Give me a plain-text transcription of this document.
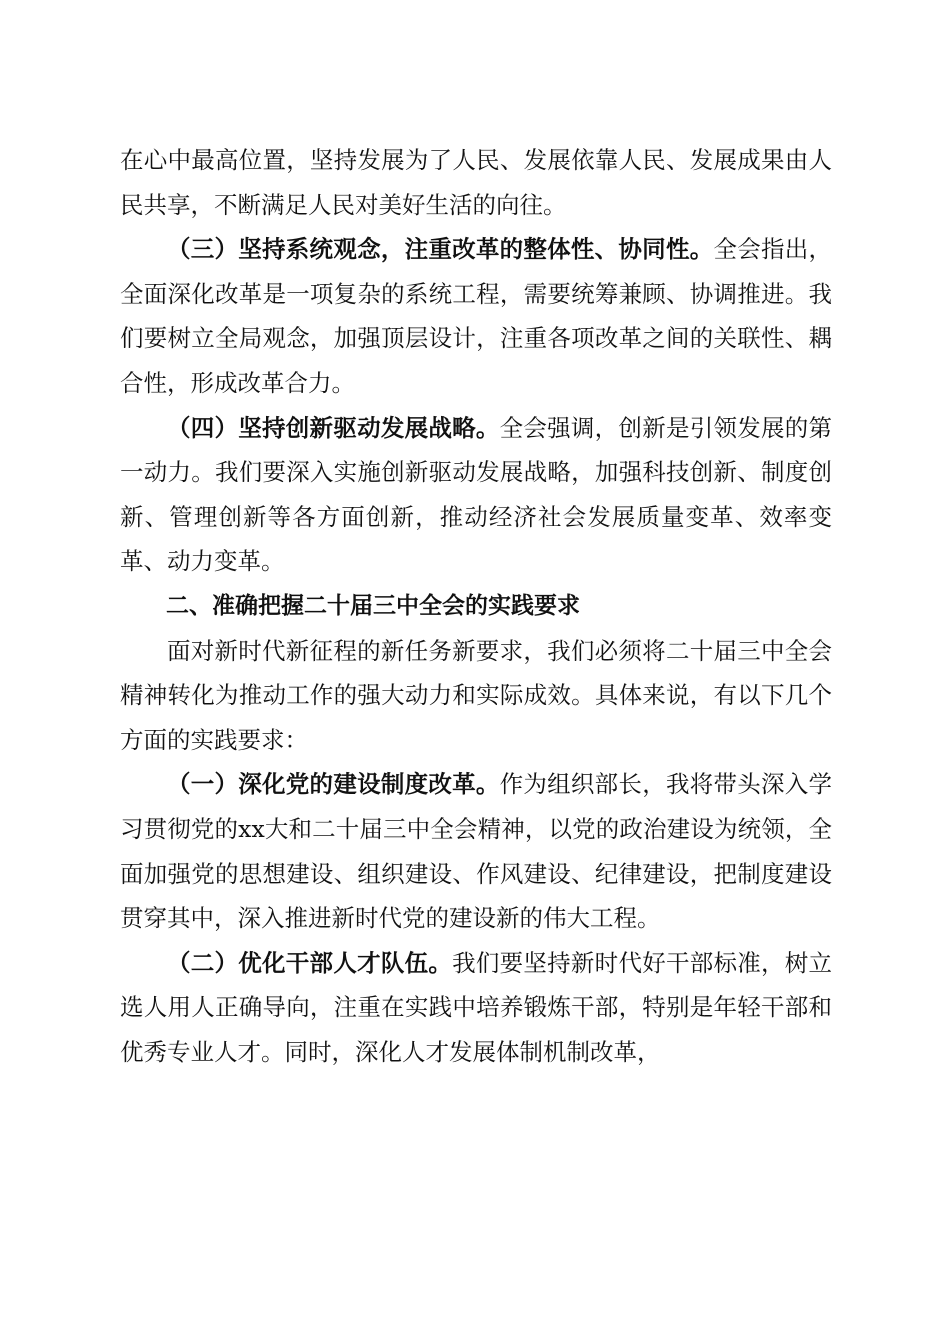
在心中最高位置，坚持发展为了人民、发展依靠人民、发展成果由人民共享，不断满足人民对美好生活的向往。

（三）坚持系统观念，注重改革的整体性、协同性。全会指出，全面深化改革是一项复杂的系统工程，需要统筹兼顾、协调推进。我们要树立全局观念，加强顶层设计，注重各项改革之间的关联性、耦合性，形成改革合力。

（四）坚持创新驱动发展战略。全会强调，创新是引领发展的第一动力。我们要深入实施创新驱动发展战略，加强科技创新、制度创新、管理创新等各方面创新，推动经济社会发展质量变革、效率变革、动力变革。

二、准确把握二十届三中全会的实践要求

面对新时代新征程的新任务新要求，我们必须将二十届三中全会精神转化为推动工作的强大动力和实际成效。具体来说，有以下几个方面的实践要求：

（一）深化党的建设制度改革。作为组织部长，我将带头深入学习贯彻党的xx大和二十届三中全会精神，以党的政治建设为统领，全面加强党的思想建设、组织建设、作风建设、纪律建设，把制度建设贯穿其中，深入推进新时代党的建设新的伟大工程。

（二）优化干部人才队伍。我们要坚持新时代好干部标准，树立选人用人正确导向，注重在实践中培养锻炼干部，特别是年轻干部和优秀专业人才。同时，深化人才发展体制机制改革，
